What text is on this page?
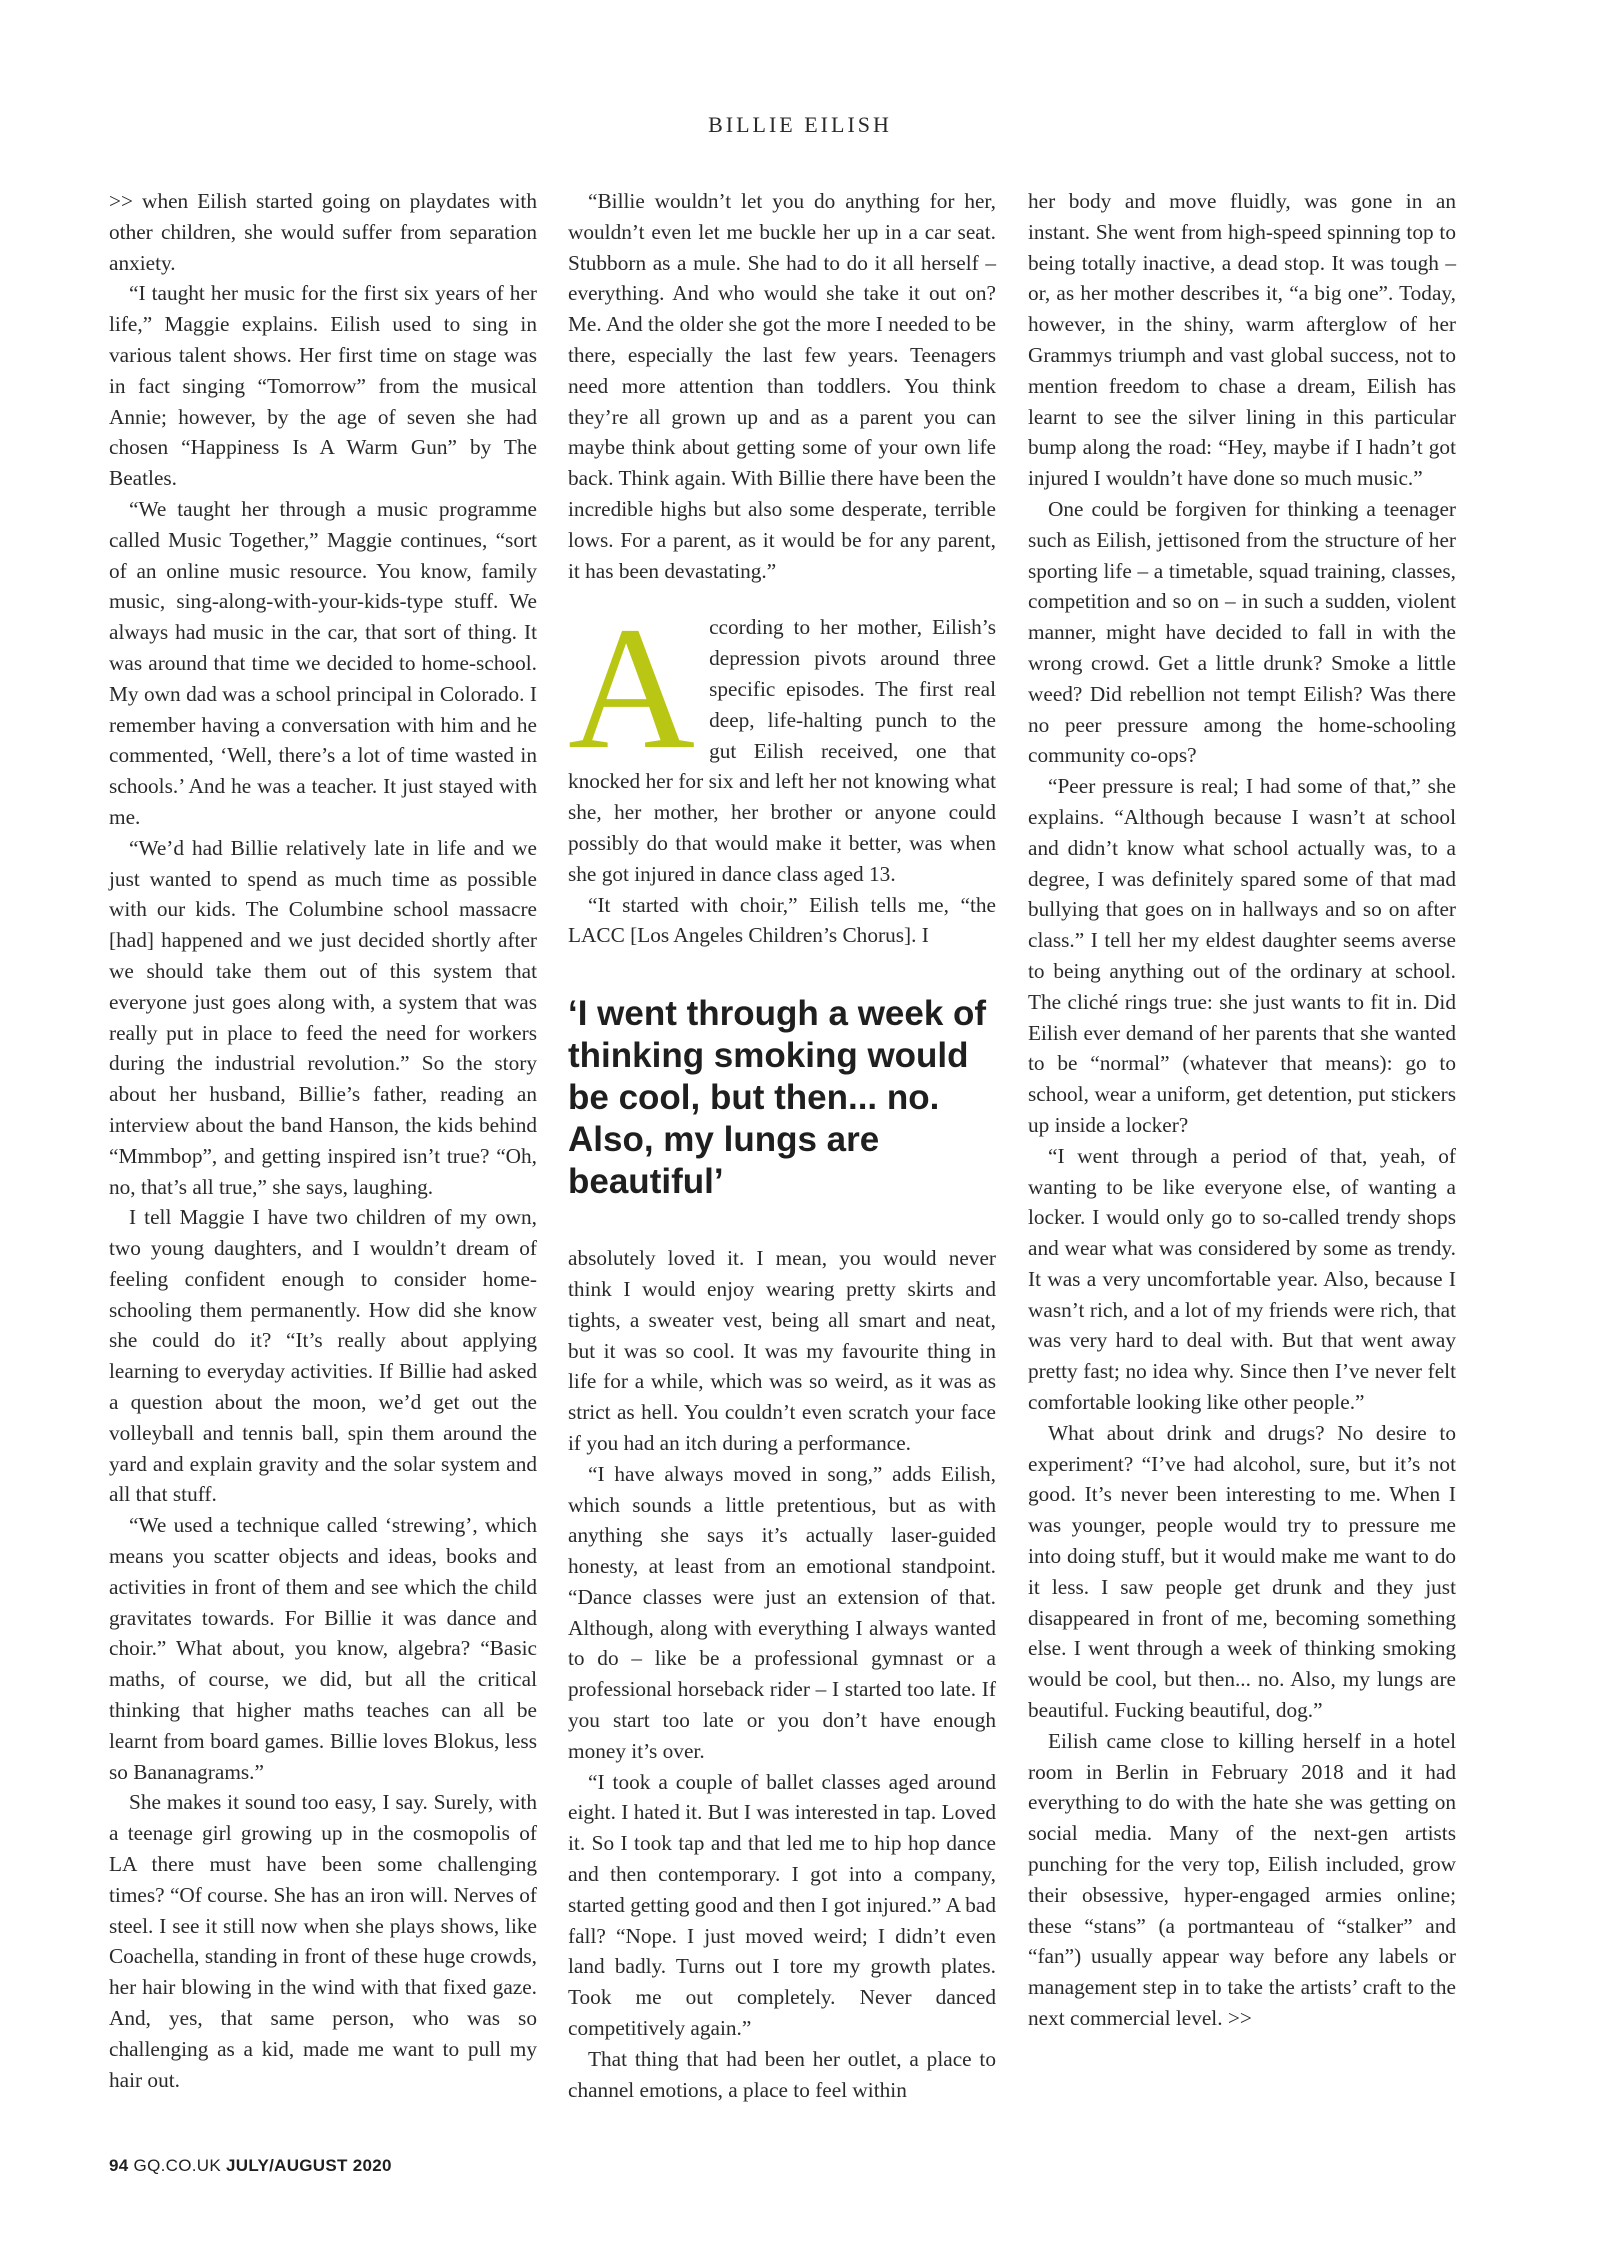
BILLIE EILISH

>> when Eilish started going on playdates with other children, she would suffer from separation anxiety.

“I taught her music for the first six years of her life,” Maggie explains. Eilish used to sing in various talent shows. Her first time on stage was in fact singing “Tomorrow” from the musical Annie; however, by the age of seven she had chosen “Happiness Is A Warm Gun” by The Beatles.

“We taught her through a music programme called Music Together,” Maggie continues, “sort of an online music resource. You know, family music, sing-along-with-your-kids-type stuff. We always had music in the car, that sort of thing. It was around that time we decided to home-school. My own dad was a school principal in Colorado. I remember having a conversation with him and he commented, ‘Well, there’s a lot of time wasted in schools.’ And he was a teacher. It just stayed with me.

“We’d had Billie relatively late in life and we just wanted to spend as much time as possible with our kids. The Columbine school massacre [had] happened and we just decided shortly after we should take them out of this system that everyone just goes along with, a system that was really put in place to feed the need for workers during the industrial revolution.” So the story about her husband, Billie’s father, reading an interview about the band Hanson, the kids behind “Mmmbop”, and getting inspired isn’t true? “Oh, no, that’s all true,” she says, laughing.

I tell Maggie I have two children of my own, two young daughters, and I wouldn’t dream of feeling confident enough to consider home-schooling them permanently. How did she know she could do it? “It’s really about applying learning to everyday activities. If Billie had asked a question about the moon, we’d get out the volleyball and tennis ball, spin them around the yard and explain gravity and the solar system and all that stuff.

“We used a technique called ‘strewing’, which means you scatter objects and ideas, books and activities in front of them and see which the child gravitates towards. For Billie it was dance and choir.” What about, you know, algebra? “Basic maths, of course, we did, but all the critical thinking that higher maths teaches can all be learnt from board games. Billie loves Blokus, less so Bananagrams.”

She makes it sound too easy, I say. Surely, with a teenage girl growing up in the cosmopolis of LA there must have been some challenging times? “Of course. She has an iron will. Nerves of steel. I see it still now when she plays shows, like Coachella, standing in front of these huge crowds, her hair blowing in the wind with that fixed gaze. And, yes, that same person, who was so challenging as a kid, made me want to pull my hair out.

“Billie wouldn’t let you do anything for her, wouldn’t even let me buckle her up in a car seat. Stubborn as a mule. She had to do it all herself – everything. And who would she take it out on? Me. And the older she got the more I needed to be there, especially the last few years. Teenagers need more attention than toddlers. You think they’re all grown up and as a parent you can maybe think about getting some of your own life back. Think again. With Billie there have been the incredible highs but also some desperate, terrible lows. For a parent, as it would be for any parent, it has been devastating.”

According to her mother, Eilish’s depression pivots around three specific episodes. The first real deep, life-halting punch to the gut Eilish received, one that knocked her for six and left her not knowing what she, her mother, her brother or anyone could possibly do that would make it better, was when she got injured in dance class aged 13.

“It started with choir,” Eilish tells me, “the LACC [Los Angeles Children’s Chorus]. I

‘I went through a week of thinking smoking would be cool, but then... no. Also, my lungs are beautiful’

absolutely loved it. I mean, you would never think I would enjoy wearing pretty skirts and tights, a sweater vest, being all smart and neat, but it was so cool. It was my favourite thing in life for a while, which was so weird, as it was as strict as hell. You couldn’t even scratch your face if you had an itch during a performance.

“I have always moved in song,” adds Eilish, which sounds a little pretentious, but as with anything she says it’s actually laser-guided honesty, at least from an emotional standpoint. “Dance classes were just an extension of that. Although, along with everything I always wanted to do – like be a professional gymnast or a professional horseback rider – I started too late. If you start too late or you don’t have enough money it’s over.

“I took a couple of ballet classes aged around eight. I hated it. But I was interested in tap. Loved it. So I took tap and that led me to hip hop dance and then contemporary. I got into a company, started getting good and then I got injured.” A bad fall? “Nope. I just moved weird; I didn’t even land badly. Turns out I tore my growth plates. Took me out completely. Never danced competitively again.”

That thing that had been her outlet, a place to channel emotions, a place to feel within

her body and move fluidly, was gone in an instant. She went from high-speed spinning top to being totally inactive, a dead stop. It was tough – or, as her mother describes it, “a big one”. Today, however, in the shiny, warm afterglow of her Grammys triumph and vast global success, not to mention freedom to chase a dream, Eilish has learnt to see the silver lining in this particular bump along the road: “Hey, maybe if I hadn’t got injured I wouldn’t have done so much music.”

One could be forgiven for thinking a teenager such as Eilish, jettisoned from the structure of her sporting life – a timetable, squad training, classes, competition and so on – in such a sudden, violent manner, might have decided to fall in with the wrong crowd. Get a little drunk? Smoke a little weed? Did rebellion not tempt Eilish? Was there no peer pressure among the home-schooling community co-ops?

“Peer pressure is real; I had some of that,” she explains. “Although because I wasn’t at school and didn’t know what school actually was, to a degree, I was definitely spared some of that mad bullying that goes on in hallways and so on after class.” I tell her my eldest daughter seems averse to being anything out of the ordinary at school. The cliché rings true: she just wants to fit in. Did Eilish ever demand of her parents that she wanted to be “normal” (whatever that means): go to school, wear a uniform, get detention, put stickers up inside a locker?

“I went through a period of that, yeah, of wanting to be like everyone else, of wanting a locker. I would only go to so-called trendy shops and wear what was considered by some as trendy. It was a very uncomfortable year. Also, because I wasn’t rich, and a lot of my friends were rich, that was very hard to deal with. But that went away pretty fast; no idea why. Since then I’ve never felt comfortable looking like other people.”

What about drink and drugs? No desire to experiment? “I’ve had alcohol, sure, but it’s not good. It’s never been interesting to me. When I was younger, people would try to pressure me into doing stuff, but it would make me want to do it less. I saw people get drunk and they just disappeared in front of me, becoming something else. I went through a week of thinking smoking would be cool, but then... no. Also, my lungs are beautiful. Fucking beautiful, dog.”

Eilish came close to killing herself in a hotel room in Berlin in February 2018 and it had everything to do with the hate she was getting on social media. Many of the next-gen artists punching for the very top, Eilish included, grow their obsessive, hyper-engaged armies online; these “stans” (a portmanteau of “stalker” and “fan”) usually appear way before any labels or management step in to take the artists’ craft to the next commercial level. >>

94 GQ.CO.UK JULY/AUGUST 2020
